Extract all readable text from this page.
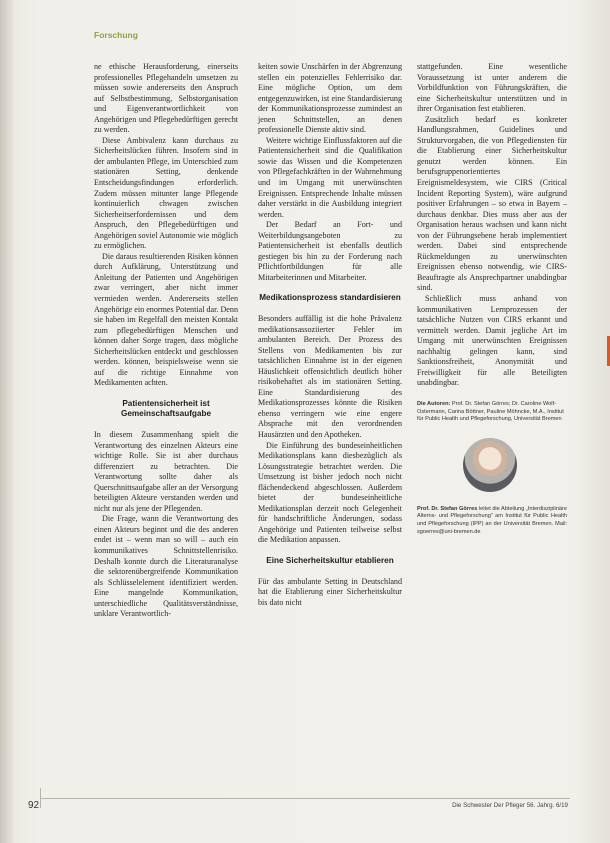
Forschung

ne ethische Herausforderung, einerseits professionelles Pflegehandeln umsetzen zu müssen sowie andererseits den Anspruch auf Selbstbestimmung, Selbstorganisation und Eigenverantwortlichkeit von Angehörigen und Pflegebedürftigen gerecht zu werden.

Diese Ambivalenz kann durchaus zu Sicherheitslücken führen. Insofern sind in der ambulanten Pflege, im Unterschied zum stationären Setting, denkende Entscheidungsfindungen erforderlich. Zudem müssen mitunter lange Pflegende kontinuierlich chwagen zwischen Sicherheitserfordernissen und dem Anspruch, den Pflegebedürftigen und Angehörigen soviel Autonomie wie möglich zu ermöglichen.

Die daraus resultierenden Risiken können durch Aufklärung, Unterstützung und Anleitung der Patienten und Angehörigen zwar verringert, aber nicht immer vermieden werden. Andererseits stellen Angehörige ein enormes Potential dar. Denn sie haben im Regelfall den meisten Kontakt zum pflegebedürftigen Menschen und können daher Sorge tragen, dass mögliche Sicherheitslücken entdeckt und geschlossen werden. können, beispielsweise wenn sie auf die richtige Einnahme von Medikamenten achten.

Patientensicherheit ist Gemeinschaftsaufgabe

In diesem Zusammenhang spielt die Verantwortung des einzelnen Akteurs eine wichtige Rolle. Sie ist aber durchaus differenziert zu betrachten. Die Verantwortung sollte daher als Querschnittsaufgabe aller an der Versorgung beteiligten Akteure verstanden werden und nicht nur als jene der Pflegenden.

Die Frage, wann die Verantwortung des einen Akteurs beginnt und die des anderen endet ist – wenn man so will – auch ein kommunikatives Schnittstellenrisiko. Deshalb konnte durch die Literaturanalyse die sektorenübergreifende Kommunikation als Schlüsselelement identifiziert werden. Eine mangelnde Kommunikation, unterschiedliche Qualitätsverständnisse, unklare Verantwortlich-

keiten sowie Unschärfen in der Abgrenzung stellen ein potenzielles Fehlerrisiko dar. Eine mögliche Option, um dem entgegenzuwirken, ist eine Standardisierung der Kommunikationsprozesse zumindest an jenen Schnittstellen, an denen professionelle Dienste aktiv sind.

Weitere wichtige Einflussfaktoren auf die Patientensicherheit sind die Qualifikation sowie das Wissen und die Kompetenzen von Pflegefachkräften in der Wahrnehmung und im Umgang mit unerwünschten Ereignissen. Entsprechende Inhalte müssen daher verstärkt in die Ausbildung integriert werden.

Der Bedarf an Fort- und Weiterbildungsangeboten zu Patientensicherheit ist ebenfalls deutlich gestiegen bis hin zu der Forderung nach Pflichtfortbildungen für alle Mitarbeiterinnen und Mitarbeiter.

Medikationsprozess standardisieren

Besonders auffällig ist die hohe Prävalenz medikationsassoziierter Fehler im ambulanten Bereich. Der Prozess des Stellens von Medikamenten bis zur tatsächlichen Einnahme ist in der eigenen Häuslichkeit offensichtlich deutlich höher risikobehaftet als im stationären Setting. Eine Standardisierung des Medikationsprozesses könnte die Risiken ebenso verringern wie eine engere Absprache mit den verordnenden Hausärzten und den Apotheken.

Die Einführung des bundeseinheitlichen Medikationsplans kann diesbezüglich als Lösungsstrategie betrachtet werden. Die Umsetzung ist bisher jedoch noch nicht flächendeckend abgeschlossen. Außerdem bietet der bundeseinheitliche Medikationsplan derzeit noch Gelegenheit für handschriftliche Änderungen, sodass Angehörige und Patienten teilweise selbst die Medikation anpassen.

Eine Sicherheitskultur etablieren

Für das ambulante Setting in Deutschland hat die Etablierung einer Sicherheitskultur bis dato nicht

stattgefunden. Eine wesentliche Voraussetzung ist unter anderem die Vorbildfunktion von Führungskräften, die eine Sicherheitskultur unterstützen und in ihrer Organisation fest etablieren.

Zusätzlich bedarf es konkreter Handlungsrahmen, Guidelines und Strukturvorgaben, die von Pflegediensten für die Etablierung einer Sicherheitskultur genutzt werden können. Ein berufsgruppenorientiertes Ereignismeldesystem, wie CIRS (Critical Incident Reporting System), wäre aufgrund positiver Erfahrungen – so etwa in Bayern – durchaus denkbar. Dies muss aber aus der Organisation heraus wachsen und kann nicht von der Führungsebene herab implementiert werden. Dabei sind entsprechende Rückmeldungen zu unerwünschten Ereignissen ebenso notwendig, wie CIRS-Beauftragte als Ansprechpartner unabdingbar sind.

Schließlich muss anhand von kommunikativen Lernprozessen der tatsächliche Nutzen von CIRS erkannt und vermittelt werden. Damit jegliche Art im Umgang mit unerwünschten Ereignissen nachhaltig gelingen kann, sind Sanktionsfreiheit, Anonymität und Freiwilligkeit für alle Beteiligten unabdingbar.

Die Autoren: Prof. Dr. Stefan Görres; Dr. Caroline Wolf-Ostermann, Carina Böttner, Pauline Möhncke, M.A., Institut für Public Health und Pflegeforschung, Universität Bremen
Prof. Dr. Stefan Görres leitet die Abteilung „Interdisziplinäre Alterns- und Pflegeforschung“ am Institut für Public Health und Pflegeforschung (IPP) an der Universität Bremen. Mail: sgoerres@uni-bremen.de
92	Die Schwester Der Pfleger 56. Jahrg. 6/19
